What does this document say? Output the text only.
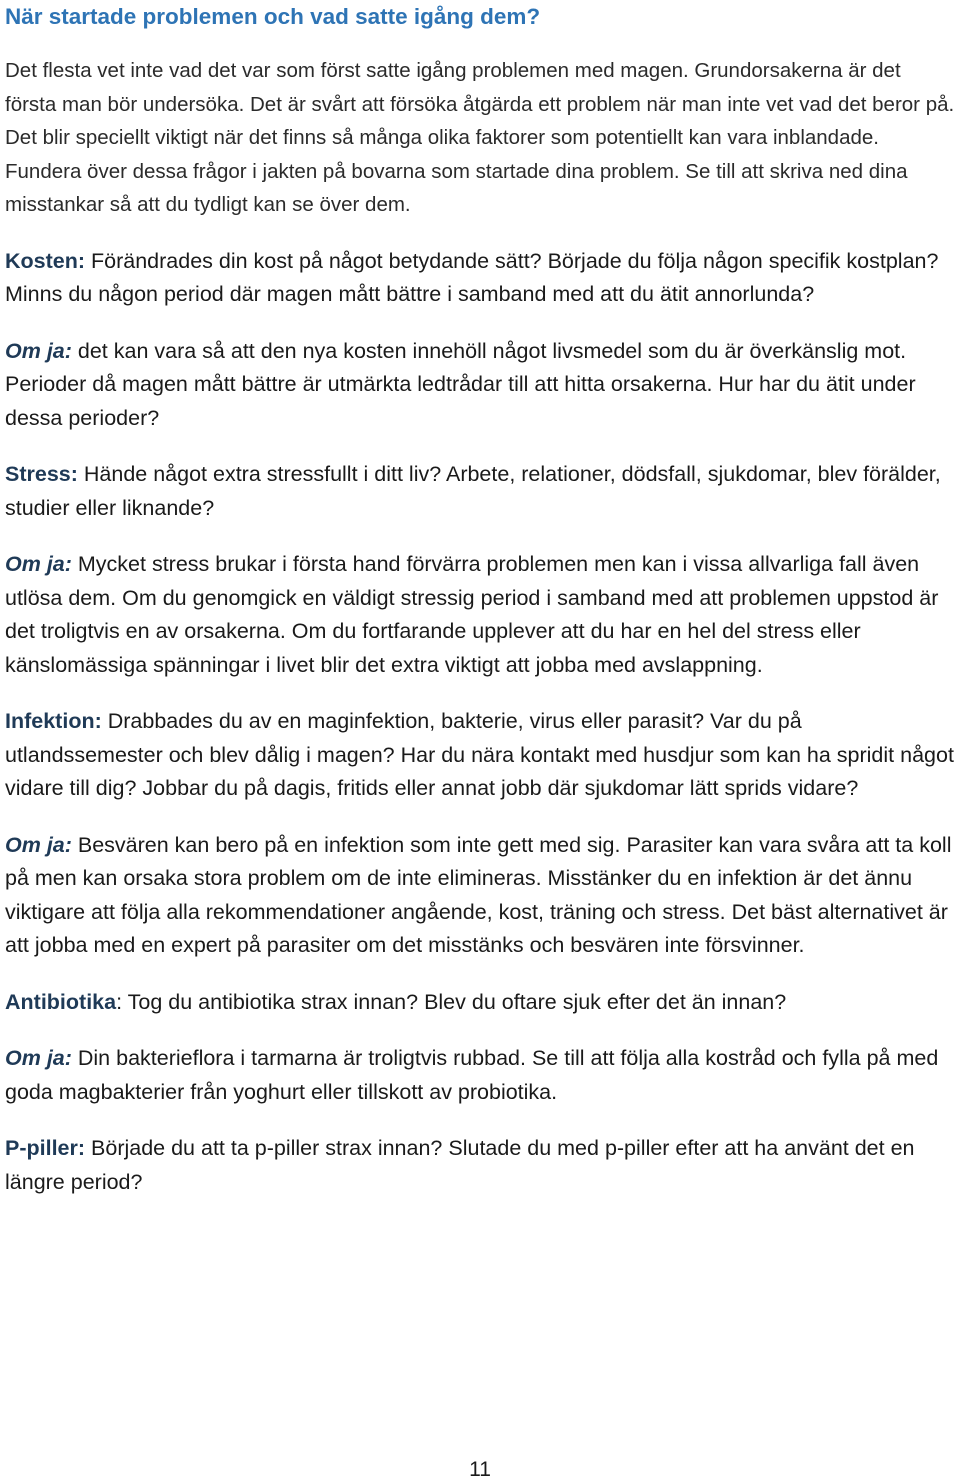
När startade problemen och vad satte igång dem?

Det flesta vet inte vad det var som först satte igång problemen med magen. Grundorsakerna är det första man bör undersöka. Det är svårt att försöka åtgärda ett problem när man inte vet vad det beror på. Det blir speciellt viktigt när det finns så många olika faktorer som potentiellt kan vara inblandade. Fundera över dessa frågor i jakten på bovarna som startade dina problem. Se till att skriva ned dina misstankar så att du tydligt kan se över dem.

Kosten: Förändrades din kost på något betydande sätt? Började du följa någon specifik kostplan? Minns du någon period där magen mått bättre i samband med att du ätit annorlunda?

Om ja: det kan vara så att den nya kosten innehöll något livsmedel som du är överkänslig mot. Perioder då magen mått bättre är utmärkta ledtrådar till att hitta orsakerna. Hur har du ätit under dessa perioder?

Stress: Hände något extra stressfullt i ditt liv? Arbete, relationer, dödsfall, sjukdomar, blev förälder, studier eller liknande?

Om ja: Mycket stress brukar i första hand förvärra problemen men kan i vissa allvarliga fall även utlösa dem. Om du genomgick en väldigt stressig period i samband med att problemen uppstod är det troligtvis en av orsakerna. Om du fortfarande upplever att du har en hel del stress eller känslomässiga spänningar i livet blir det extra viktigt att jobba med avslappning.

Infektion: Drabbades du av en maginfektion, bakterie, virus eller parasit? Var du på utlandssemester och blev dålig i magen? Har du nära kontakt med husdjur som kan ha spridit något vidare till dig? Jobbar du på dagis, fritids eller annat jobb där sjukdomar lätt sprids vidare?

Om ja: Besvären kan bero på en infektion som inte gett med sig. Parasiter kan vara svåra att ta koll på men kan orsaka stora problem om de inte elimineras. Misstänker du en infektion är det ännu viktigare att följa alla rekommendationer angående, kost, träning och stress. Det bäst alternativet är att jobba med en expert på parasiter om det misstänks och besvären inte försvinner.

Antibiotika: Tog du antibiotika strax innan? Blev du oftare sjuk efter det än innan?

Om ja: Din bakterieflora i tarmarna är troligtvis rubbad. Se till att följa alla kostråd och fylla på med goda magbakterier från yoghurt eller tillskott av probiotika.

P-piller: Började du att ta p-piller strax innan? Slutade du med p-piller efter att ha använt det en längre period?

11
